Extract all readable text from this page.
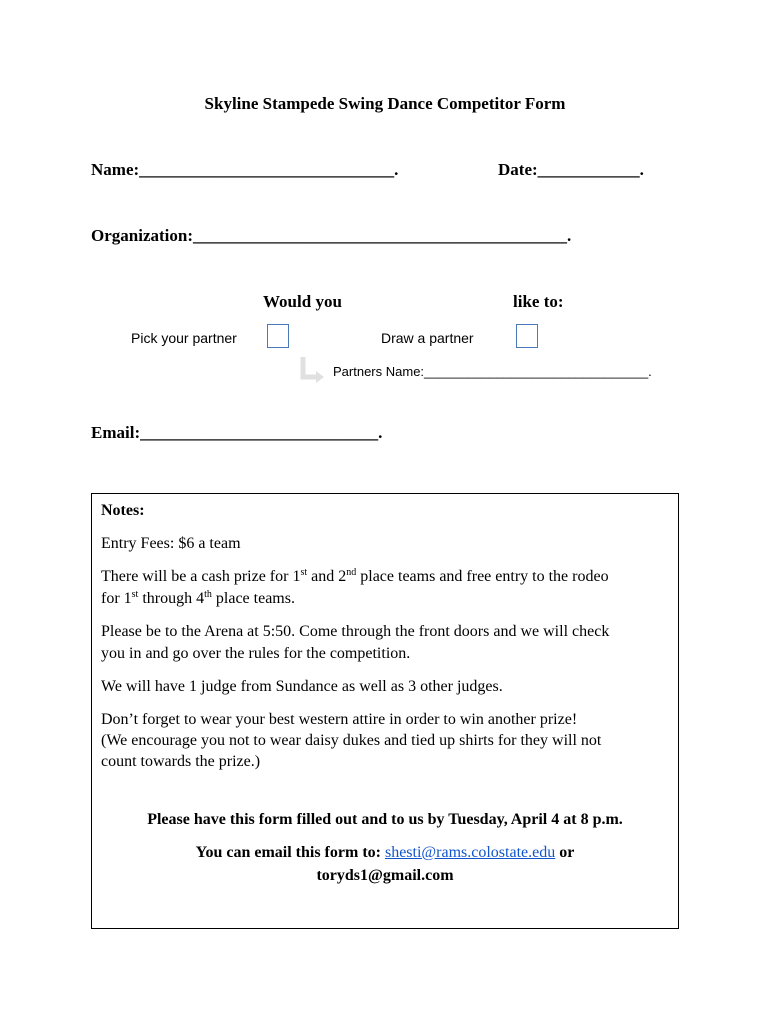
Skyline Stampede Swing Dance Competitor Form
Name:______________________________.	Date:____________.
Organization:____________________________________________.
Would you	like to:
Pick your partner	Draw a partner
Partners Name:_______________________________.
Email:____________________________.
Notes:
Entry Fees: $6 a team
There will be a cash prize for 1st and 2nd place teams and free entry to the rodeo
for 1st through 4th place teams.
Please be to the Arena at 5:50. Come through the front doors and we will check
you in and go over the rules for the competition.
We will have 1 judge from Sundance as well as 3 other judges.
Don’t forget to wear your best western attire in order to win another prize!
(We encourage you not to wear daisy dukes and tied up shirts for they will not
count towards the prize.)
Please have this form filled out and to us by Tuesday, April 4 at 8 p.m.
You can email this form to: shesti@rams.colostate.edu or
toryds1@gmail.com
